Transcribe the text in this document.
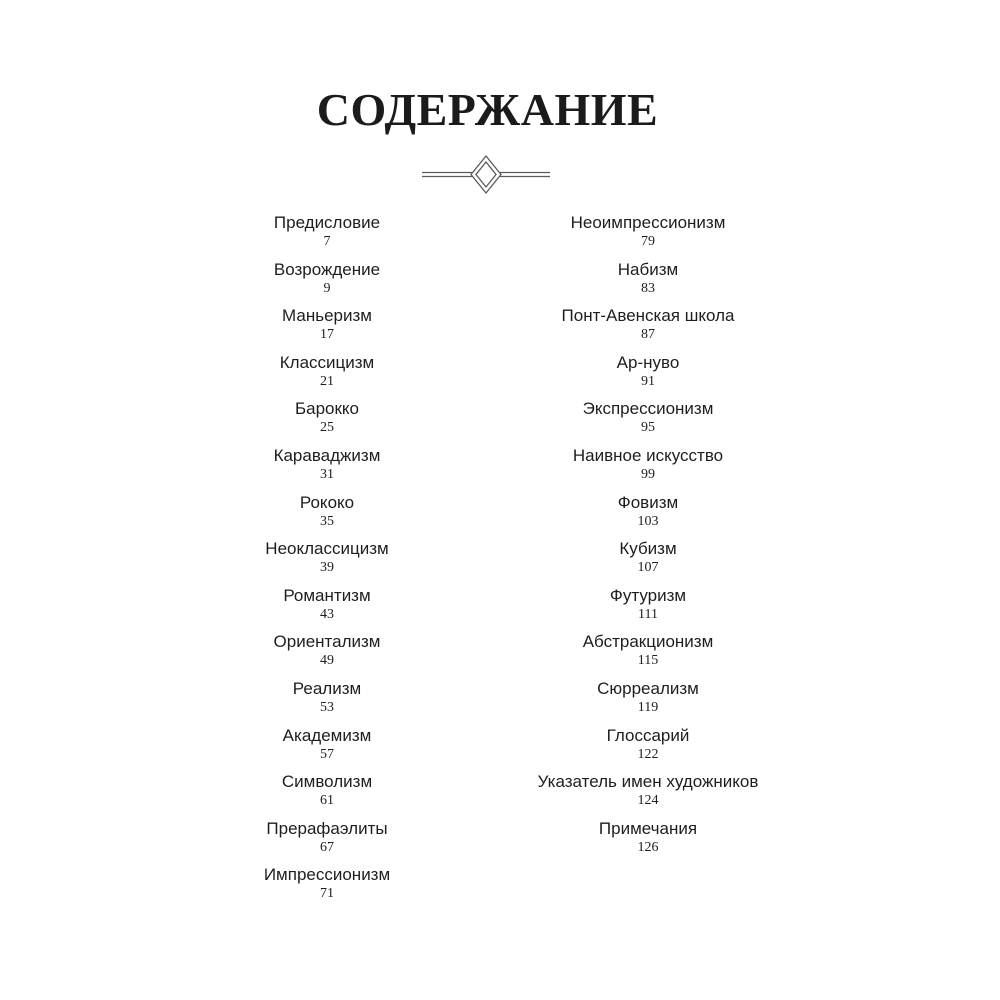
СОДЕРЖАНИЕ
Предисловие
7
Возрождение
9
Маньеризм
17
Классицизм
21
Барокко
25
Караваджизм
31
Рококо
35
Неоклассицизм
39
Романтизм
43
Ориентализм
49
Реализм
53
Академизм
57
Символизм
61
Прерафаэлиты
67
Импрессионизм
71
Неоимпрессионизм
79
Набизм
83
Понт-Авенская школа
87
Ар-нуво
91
Экспрессионизм
95
Наивное искусство
99
Фовизм
103
Кубизм
107
Футуризм
111
Абстракционизм
115
Сюрреализм
119
Глоссарий
122
Указатель имен художников
124
Примечания
126
